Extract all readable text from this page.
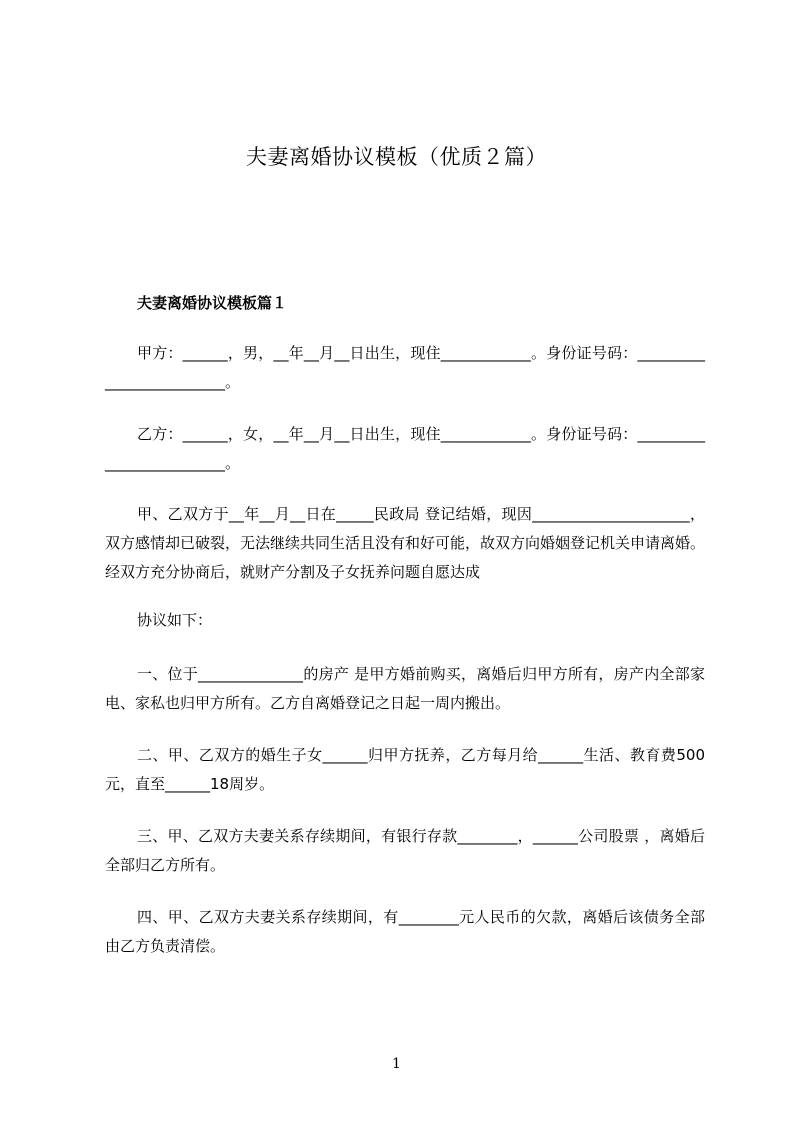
夫妻离婚协议模板（优质２篇）
夫妻离婚协议模板篇１
甲方：______，男，__年__月__日出生，现住____________。身份证号码：_________________________。
乙方：______，女，__年__月__日出生，现住____________。身份证号码：_________________________。
甲、乙双方于__年__月__日在_____民政局 登记结婚，现因_____________________，双方感情却已破裂，无法继续共同生活且没有和好可能，故双方向婚姻登记机关申请离婚。经双方充分协商后，就财产分割及子女抚养问题自愿达成
协议如下：
一、位于______________的房产 是甲方婚前购买，离婚后归甲方所有，房产内全部家电、家私也归甲方所有。乙方自离婚登记之日起一周内搬出。
二、甲、乙双方的婚生子女______归甲方抚养，乙方每月给______生活、教育费500元，直至______18周岁。
三、甲、乙双方夫妻关系存续期间，有银行存款________，______公司股票 ，离婚后全部归乙方所有。
四、甲、乙双方夫妻关系存续期间，有________元人民币的欠款，离婚后该债务全部由乙方负责清偿。
1
